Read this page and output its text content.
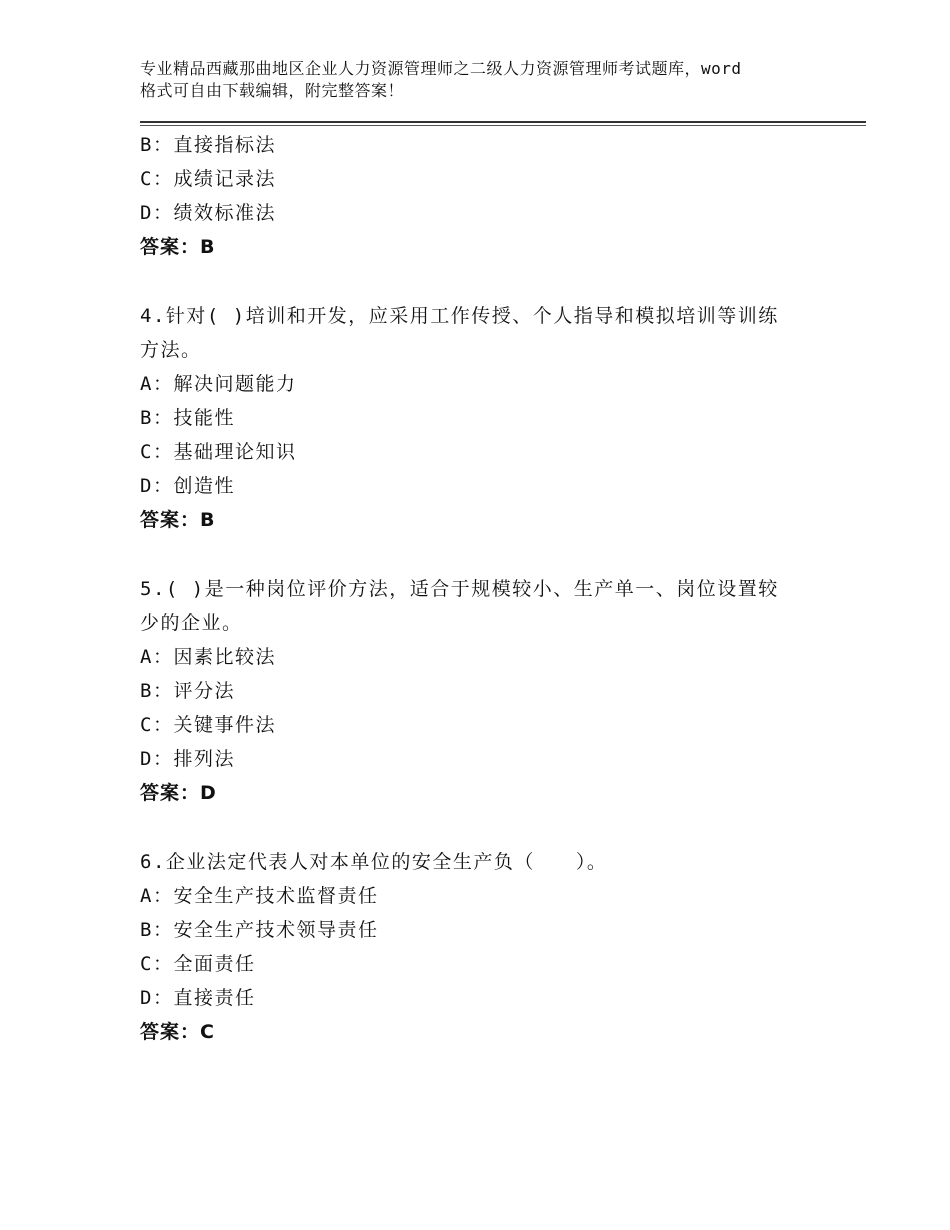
专业精品西藏那曲地区企业人力资源管理师之二级人力资源管理师考试题库，word
格式可自由下载编辑，附完整答案！
B：直接指标法
C：成绩记录法
D：绩效标准法
答案：B
4.针对( )培训和开发，应采用工作传授、个人指导和模拟培训等训练
方法。
A：解决问题能力
B：技能性
C：基础理论知识
D：创造性
答案：B
5.( )是一种岗位评价方法，适合于规模较小、生产单一、岗位设置较
少的企业。
A：因素比较法
B：评分法
C：关键事件法
D：排列法
答案：D
6.企业法定代表人对本单位的安全生产负（　　）。
A：安全生产技术监督责任
B：安全生产技术领导责任
C：全面责任
D：直接责任
答案：C
